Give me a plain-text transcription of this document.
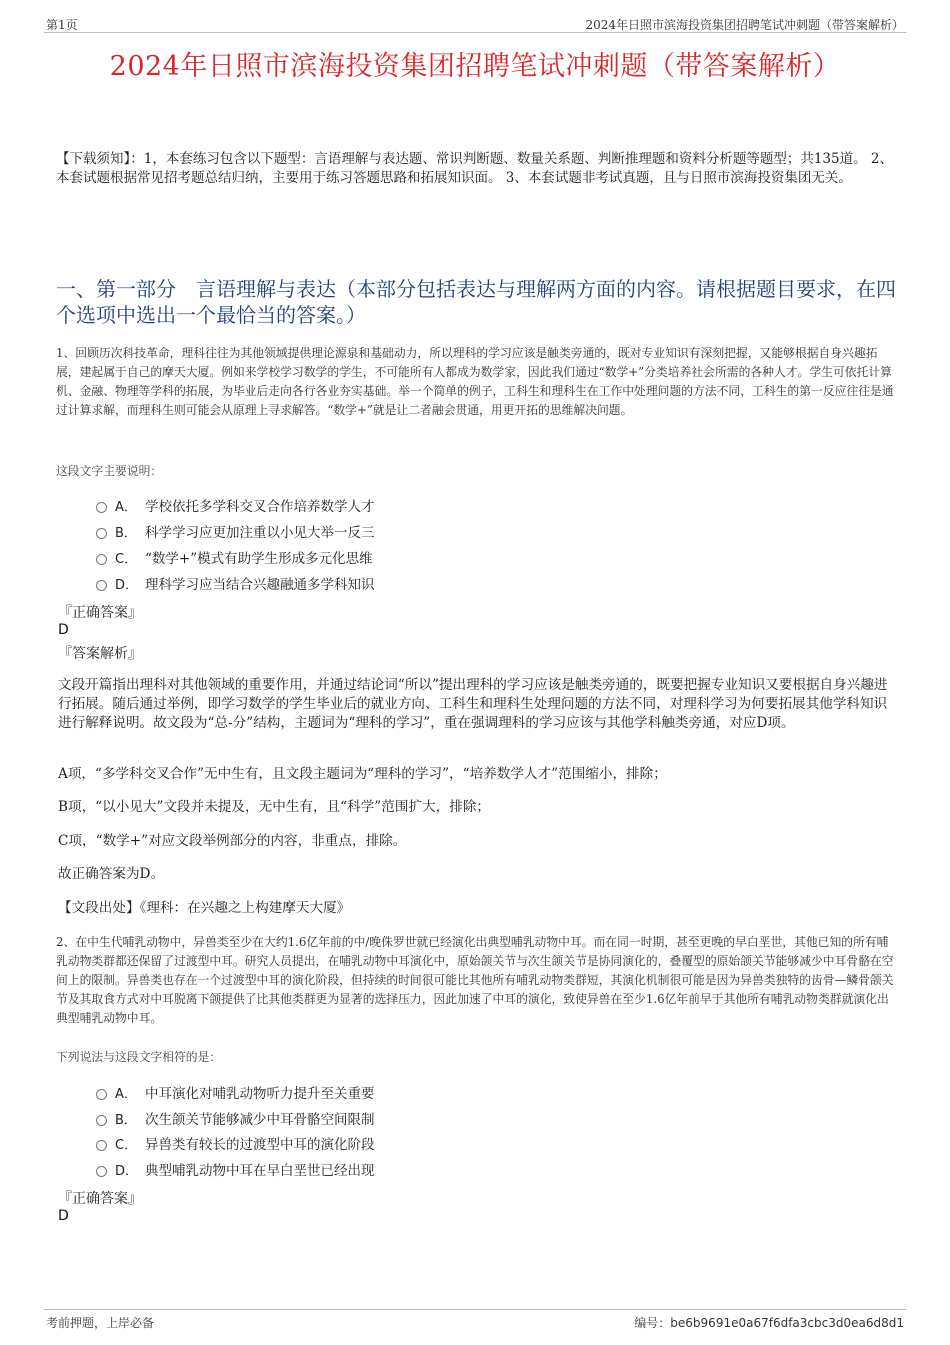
第1页	2024年日照市滨海投资集团招聘笔试冲刺题（带答案解析）
2024年日照市滨海投资集团招聘笔试冲刺题（带答案解析）
【下载须知】：1，本套练习包含以下题型：言语理解与表达题、常识判断题、数量关系题、判断推理题和资料分析题等题型；共135道。 2、本套试题根据常见招考题总结归纳，主要用于练习答题思路和拓展知识面。 3、本套试题非考试真题，且与日照市滨海投资集团无关。
一、第一部分　言语理解与表达（本部分包括表达与理解两方面的内容。请根据题目要求，在四个选项中选出一个最恰当的答案。）
1、回顾历次科技革命，理科往往为其他领域提供理论源泉和基础动力，所以理科的学习应该是触类旁通的，既对专业知识有深刻把握，又能够根据自身兴趣拓展，建起属于自己的摩天大厦。例如来学校学习数学的学生，不可能所有人都成为数学家，因此我们通过“数学+”分类培养社会所需的各种人才。学生可依托计算机、金融、物理等学科的拓展，为毕业后走向各行各业夯实基础。举一个简单的例子，工科生和理科生在工作中处理问题的方法不同，工科生的第一反应往往是通过计算求解，而理科生则可能会从原理上寻求解答。“数学+”就是让二者融会贯通，用更开拓的思维解决问题。
这段文字主要说明：
A． 学校依托多学科交叉合作培养数学人才
B． 科学学习应更加注重以小见大举一反三
C． “数学+”模式有助学生形成多元化思维
D． 理科学习应当结合兴趣融通多学科知识
『正确答案』
D
『答案解析』
文段开篇指出理科对其他领域的重要作用，并通过结论词“所以”提出理科的学习应该是触类旁通的，既要把握专业知识又要根据自身兴趣进行拓展。随后通过举例，即学习数学的学生毕业后的就业方向、工科生和理科生处理问题的方法不同，对理科学习为何要拓展其他学科知识进行解释说明。故文段为“总-分”结构，主题词为“理科的学习”，重在强调理科的学习应该与其他学科触类旁通，对应D项。
A项，“多学科交叉合作”无中生有，且文段主题词为“理科的学习”，“培养数学人才”范围缩小，排除；
B项，“以小见大”文段并未提及，无中生有，且“科学”范围扩大，排除；
C项，“数学+”对应文段举例部分的内容，非重点，排除。
故正确答案为D。
【文段出处】《理科：在兴趣之上构建摩天大厦》
2、在中生代哺乳动物中，异兽类至少在大约1.6亿年前的中/晚侏罗世就已经演化出典型哺乳动物中耳。而在同一时期，甚至更晚的早白垩世，其他已知的所有哺乳动物类群都还保留了过渡型中耳。研究人员提出，在哺乳动物中耳演化中，原始颌关节与次生颌关节是协同演化的，叠覆型的原始颌关节能够减少中耳骨骼在空间上的限制。异兽类也存在一个过渡型中耳的演化阶段，但持续的时间很可能比其他所有哺乳动物类群短，其演化机制很可能是因为异兽类独特的齿骨—鳞骨颌关节及其取食方式对中耳脱离下颌提供了比其他类群更为显著的选择压力，因此加速了中耳的演化，致使异兽在至少1.6亿年前早于其他所有哺乳动物类群就演化出典型哺乳动物中耳。
下列说法与这段文字相符的是：
A． 中耳演化对哺乳动物听力提升至关重要
B． 次生颌关节能够减少中耳骨骼空间限制
C． 异兽类有较长的过渡型中耳的演化阶段
D． 典型哺乳动物中耳在早白垩世已经出现
『正确答案』
D
考前押题，上岸必备	编号：be6b9691e0a67f6dfa3cbc3d0ea6d8d1
